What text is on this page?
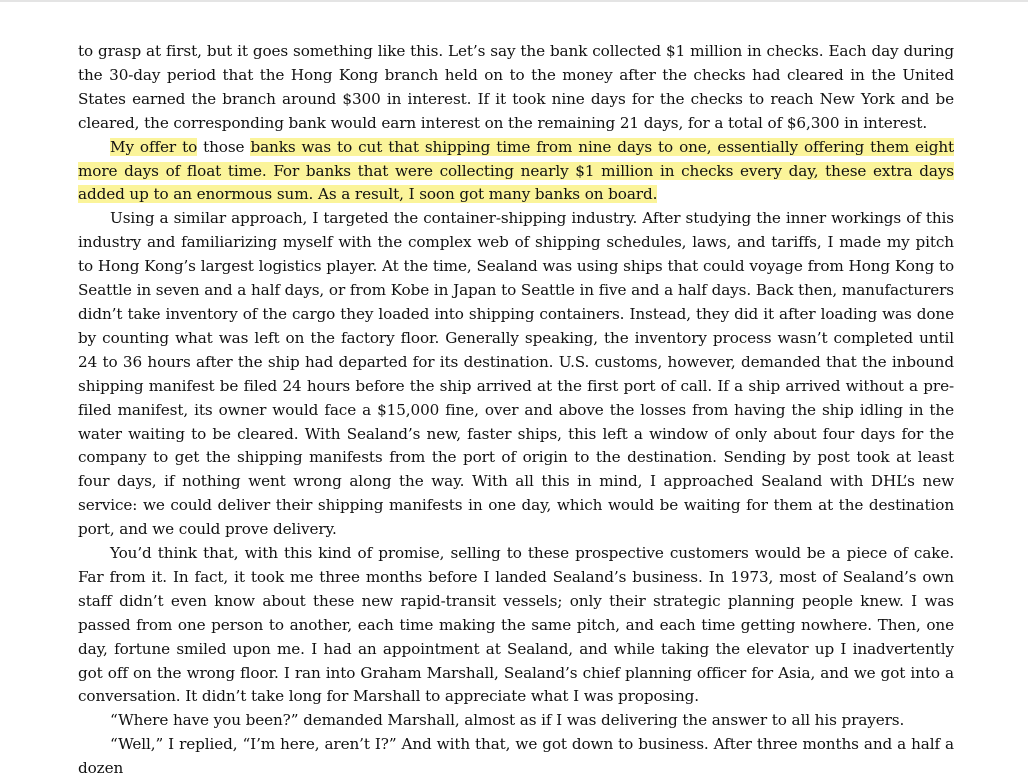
to grasp at first, but it goes something like this. Let’s say the bank collected $1 million in checks. Each day during the 30-day period that the Hong Kong branch held on to the money after the checks had cleared in the United States earned the branch around $300 in interest. If it took nine days for the checks to reach New York and be cleared, the corresponding bank would earn interest on the remaining 21 days, for a total of $6,300 in interest.

My offer to those banks was to cut that shipping time from nine days to one, essentially offering them eight more days of float time. For banks that were collecting nearly $1 million in checks every day, these extra days added up to an enormous sum. As a result, I soon got many banks on board.

Using a similar approach, I targeted the container-shipping industry. After studying the inner workings of this industry and familiarizing myself with the complex web of shipping schedules, laws, and tariffs, I made my pitch to Hong Kong’s largest logistics player. At the time, Sealand was using ships that could voyage from Hong Kong to Seattle in seven and a half days, or from Kobe in Japan to Seattle in five and a half days. Back then, manufacturers didn’t take inventory of the cargo they loaded into shipping containers. Instead, they did it after loading was done by counting what was left on the factory floor. Generally speaking, the inventory process wasn’t completed until 24 to 36 hours after the ship had departed for its destination. U.S. customs, however, demanded that the inbound shipping manifest be filed 24 hours before the ship arrived at the first port of call. If a ship arrived without a pre-filed manifest, its owner would face a $15,000 fine, over and above the losses from having the ship idling in the water waiting to be cleared. With Sealand’s new, faster ships, this left a window of only about four days for the company to get the shipping manifests from the port of origin to the destination. Sending by post took at least four days, if nothing went wrong along the way. With all this in mind, I approached Sealand with DHL’s new service: we could deliver their shipping manifests in one day, which would be waiting for them at the destination port, and we could prove delivery.

You’d think that, with this kind of promise, selling to these prospective customers would be a piece of cake. Far from it. In fact, it took me three months before I landed Sealand’s business. In 1973, most of Sealand’s own staff didn’t even know about these new rapid-transit vessels; only their strategic planning people knew. I was passed from one person to another, each time making the same pitch, and each time getting nowhere. Then, one day, fortune smiled upon me. I had an appointment at Sealand, and while taking the elevator up I inadvertently got off on the wrong floor. I ran into Graham Marshall, Sealand’s chief planning officer for Asia, and we got into a conversation. It didn’t take long for Marshall to appreciate what I was proposing.

“Where have you been?” demanded Marshall, almost as if I was delivering the answer to all his prayers.

“Well,” I replied, “I’m here, aren’t I?” And with that, we got down to business. After three months and a half a dozen
